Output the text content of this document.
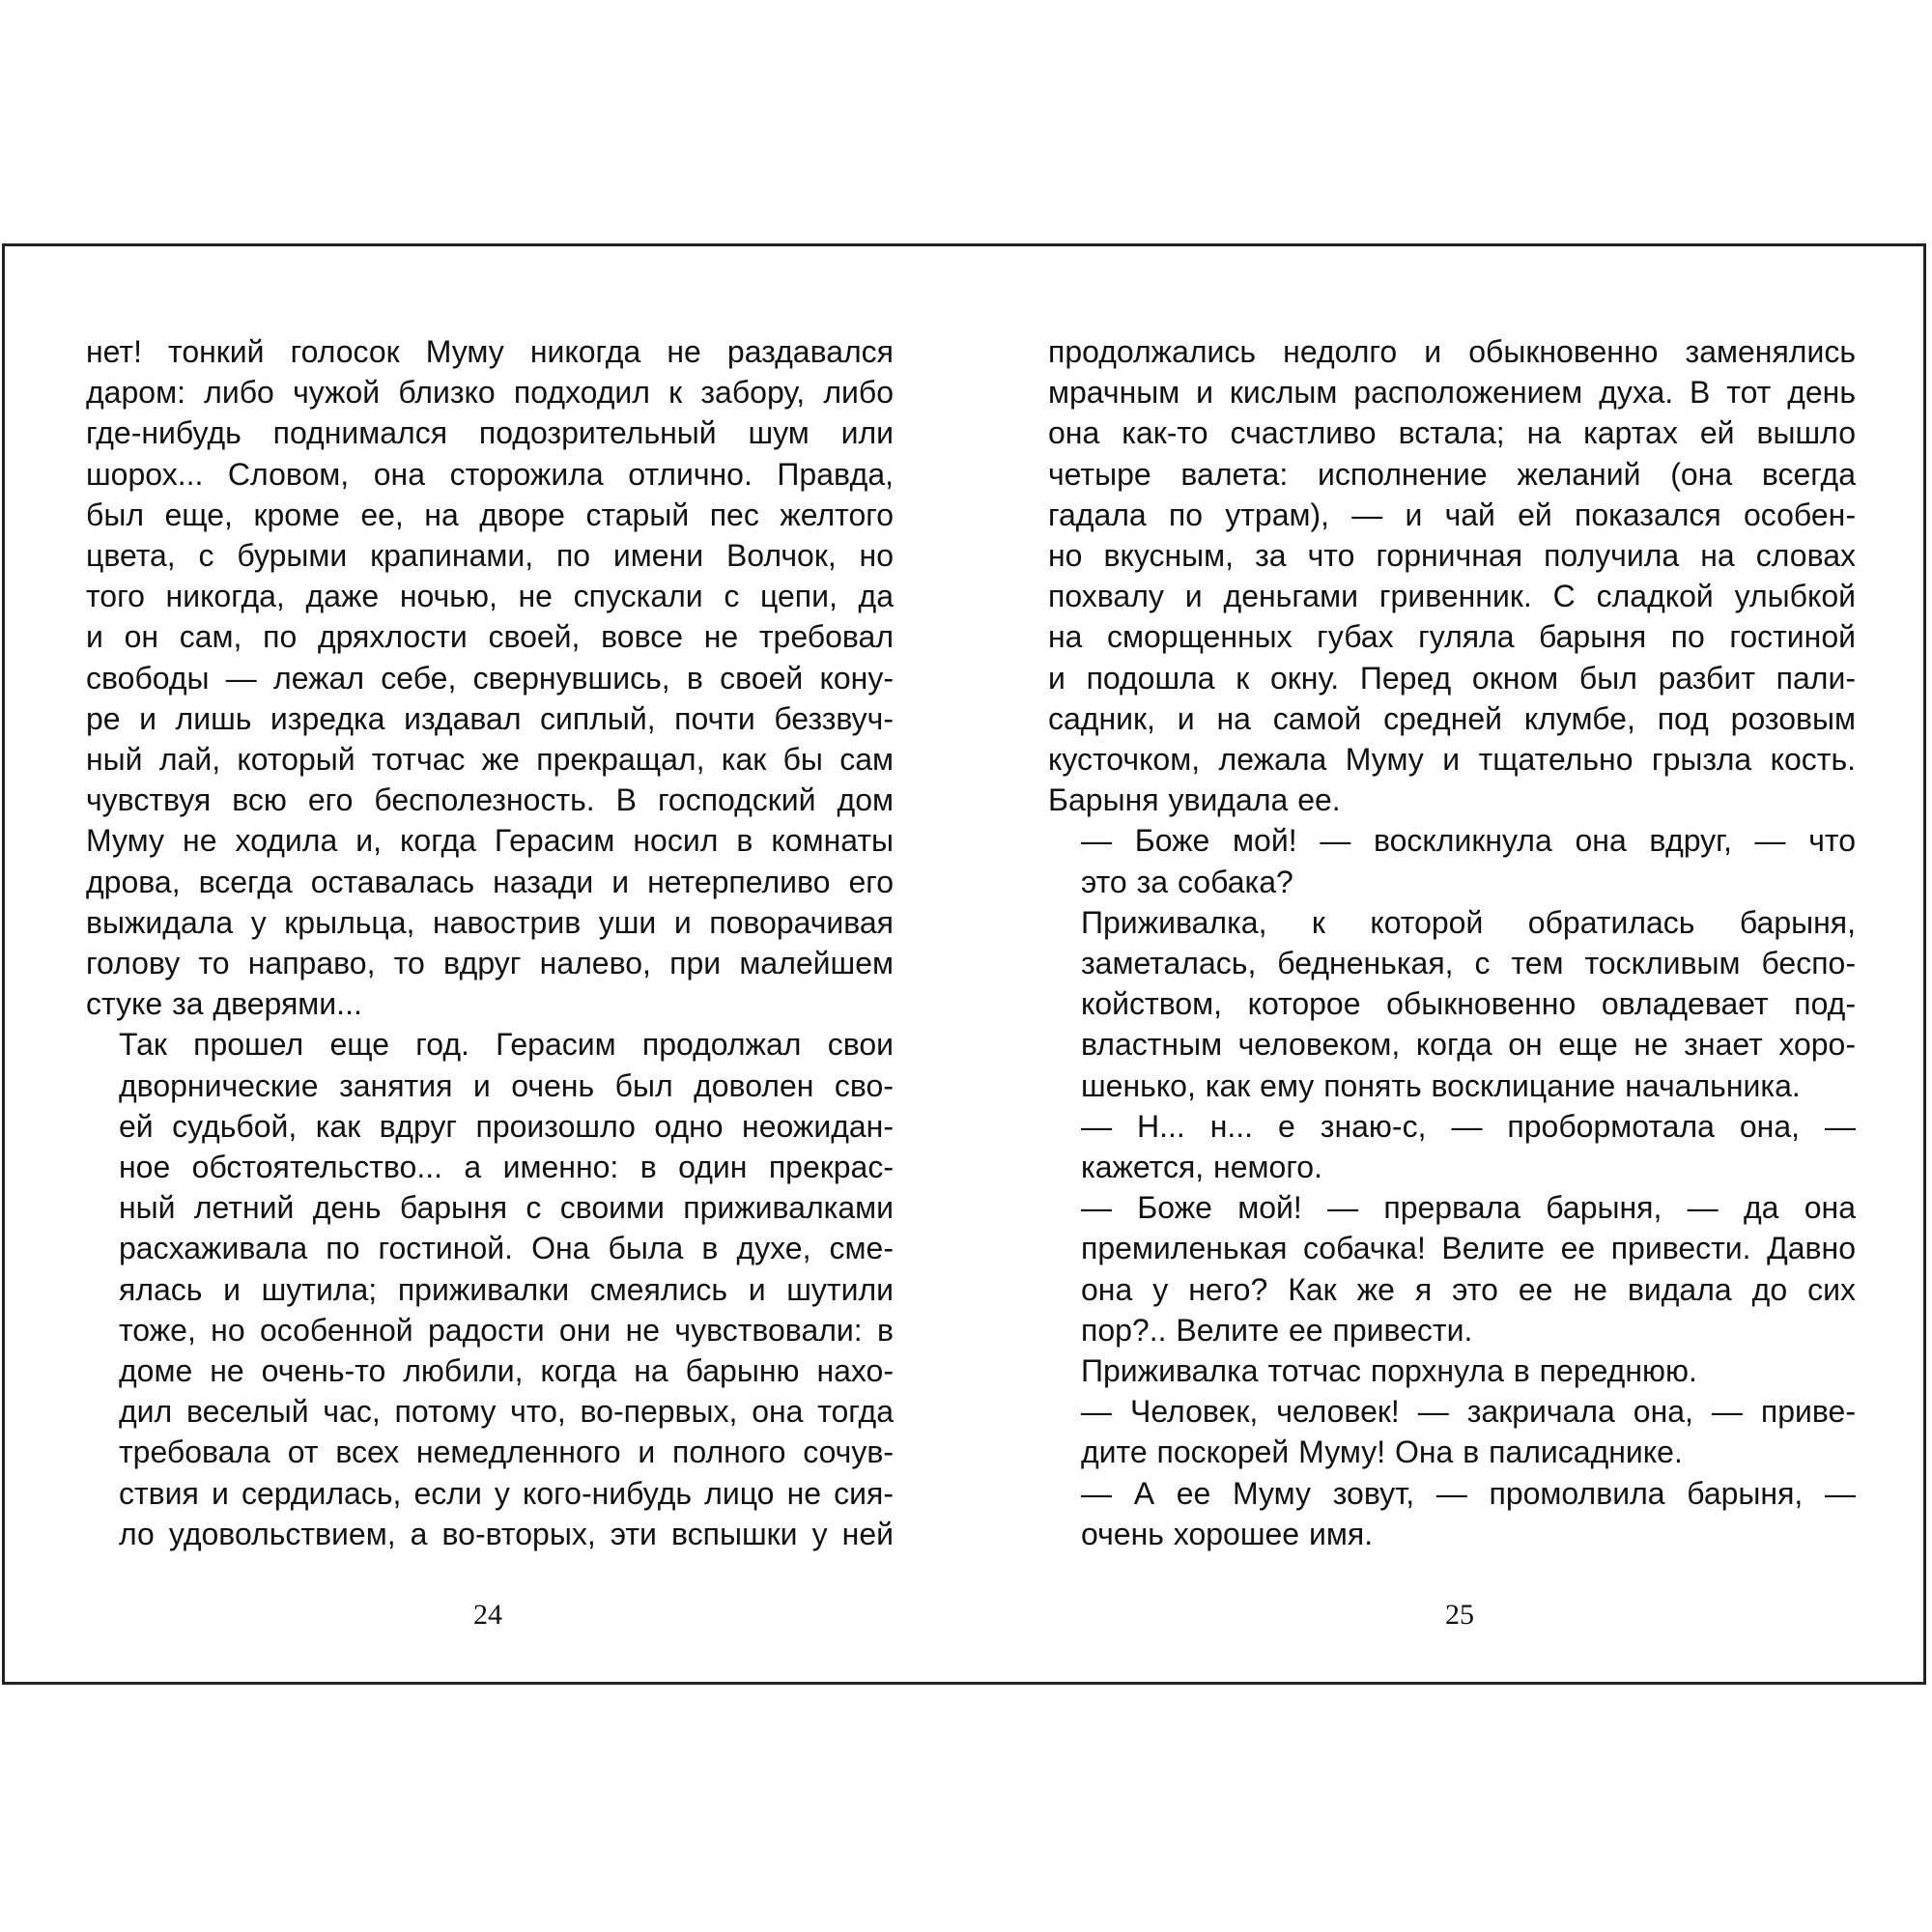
нет! тонкий голосок Муму никогда не раздавался
даром: либо чужой близко подходил к забору, либо
где-нибудь поднимался подозрительный шум или
шорох... Словом, она сторожила отлично. Правда,
был еще, кроме ее, на дворе старый пес желтого
цвета, с бурыми крапинами, по имени Волчок, но
того никогда, даже ночью, не спускали с цепи, да
и он сам, по дряхлости своей, вовсе не требовал
свободы — лежал себе, свернувшись, в своей кону-
ре и лишь изредка издавал сиплый, почти беззвуч-
ный лай, который тотчас же прекращал, как бы сам
чувствуя всю его бесполезность. В господский дом
Муму не ходила и, когда Герасим носил в комнаты
дрова, всегда оставалась назади и нетерпеливо его
выжидала у крыльца, навострив уши и поворачивая
голову то направо, то вдруг налево, при малейшем
стуке за дверями...

Так прошел еще год. Герасим продолжал свои
дворнические занятия и очень был доволен сво-
ей судьбой, как вдруг произошло одно неожидан-
ное обстоятельство... а именно: в один прекрас-
ный летний день барыня с своими приживалками
расхаживала по гостиной. Она была в духе, сме-
ялась и шутила; приживалки смеялись и шутили
тоже, но особенной радости они не чувствовали: в
доме не очень-то любили, когда на барыню нахо-
дил веселый час, потому что, во-первых, она тогда
требовала от всех немедленного и полного сочув-
ствия и сердилась, если у кого-нибудь лицо не сия-
ло удовольствием, а во-вторых, эти вспышки у ней

продолжались недолго и обыкновенно заменялись
мрачным и кислым расположением духа. В тот день
она как-то счастливо встала; на картах ей вышло
четыре валета: исполнение желаний (она всегда
гадала по утрам), — и чай ей показался особен-
но вкусным, за что горничная получила на словах
похвалу и деньгами гривенник. С сладкой улыбкой
на сморщенных губах гуляла барыня по гостиной
и подошла к окну. Перед окном был разбит пали-
садник, и на самой средней клумбе, под розовым
кусточком, лежала Муму и тщательно грызла кость.
Барыня увидала ее.

— Боже мой! — воскликнула она вдруг, — что
это за собака?

Приживалка, к которой обратилась барыня,
заметалась, бедненькая, с тем тоскливым беспо-
койством, которое обыкновенно овладевает под-
властным человеком, когда он еще не знает хоро-
шенько, как ему понять восклицание начальника.

— Н... н... е знаю-с, — пробормотала она, —
кажется, немого.

— Боже мой! — прервала барыня, — да она
премиленькая собачка! Велите ее привести. Давно
она у него? Как же я это ее не видала до сих
пор?.. Велите ее привести.

Приживалка тотчас порхнула в переднюю.

— Человек, человек! — закричала она, — приве-
дите поскорей Муму! Она в палисаднике.

— А ее Муму зовут, — промолвила барыня, —
очень хорошее имя.

24	25
